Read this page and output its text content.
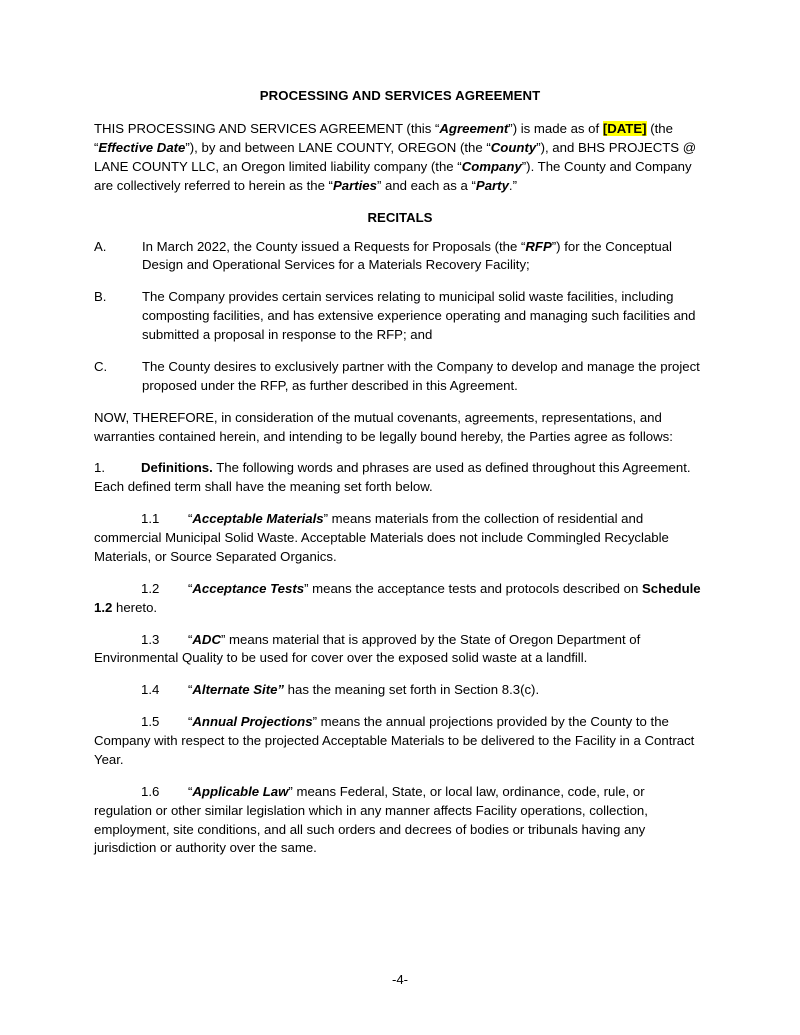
PROCESSING AND SERVICES AGREEMENT

THIS PROCESSING AND SERVICES AGREEMENT (this “Agreement”) is made as of [DATE] (the “Effective Date”), by and between LANE COUNTY, OREGON (the “County”), and BHS PROJECTS @ LANE COUNTY LLC, an Oregon limited liability company (the “Company”). The County and Company are collectively referred to herein as the “Parties” and each as a “Party.”

RECITALS
A.	In March 2022, the County issued a Requests for Proposals (the “RFP”) for the Conceptual Design and Operational Services for a Materials Recovery Facility;
B.	The Company provides certain services relating to municipal solid waste facilities, including composting facilities, and has extensive experience operating and managing such facilities and submitted a proposal in response to the RFP; and
C.	The County desires to exclusively partner with the Company to develop and manage the project proposed under the RFP, as further described in this Agreement.

NOW, THEREFORE, in consideration of the mutual covenants, agreements, representations, and warranties contained herein, and intending to be legally bound hereby, the Parties agree as follows:

1.	Definitions. The following words and phrases are used as defined throughout this Agreement. Each defined term shall have the meaning set forth below.
1.1 “Acceptable Materials” means materials from the collection of residential and commercial Municipal Solid Waste. Acceptable Materials does not include Commingled Recyclable Materials, or Source Separated Organics.
1.2 “Acceptance Tests” means the acceptance tests and protocols described on Schedule 1.2 hereto.
1.3 “ADC” means material that is approved by the State of Oregon Department of Environmental Quality to be used for cover over the exposed solid waste at a landfill.
1.4 “Alternate Site” has the meaning set forth in Section 8.3(c).
1.5 “Annual Projections” means the annual projections provided by the County to the Company with respect to the projected Acceptable Materials to be delivered to the Facility in a Contract Year.
1.6 “Applicable Law” means Federal, State, or local law, ordinance, code, rule, or regulation or other similar legislation which in any manner affects Facility operations, collection, employment, site conditions, and all such orders and decrees of bodies or tribunals having any jurisdiction or authority over the same.
-4-
